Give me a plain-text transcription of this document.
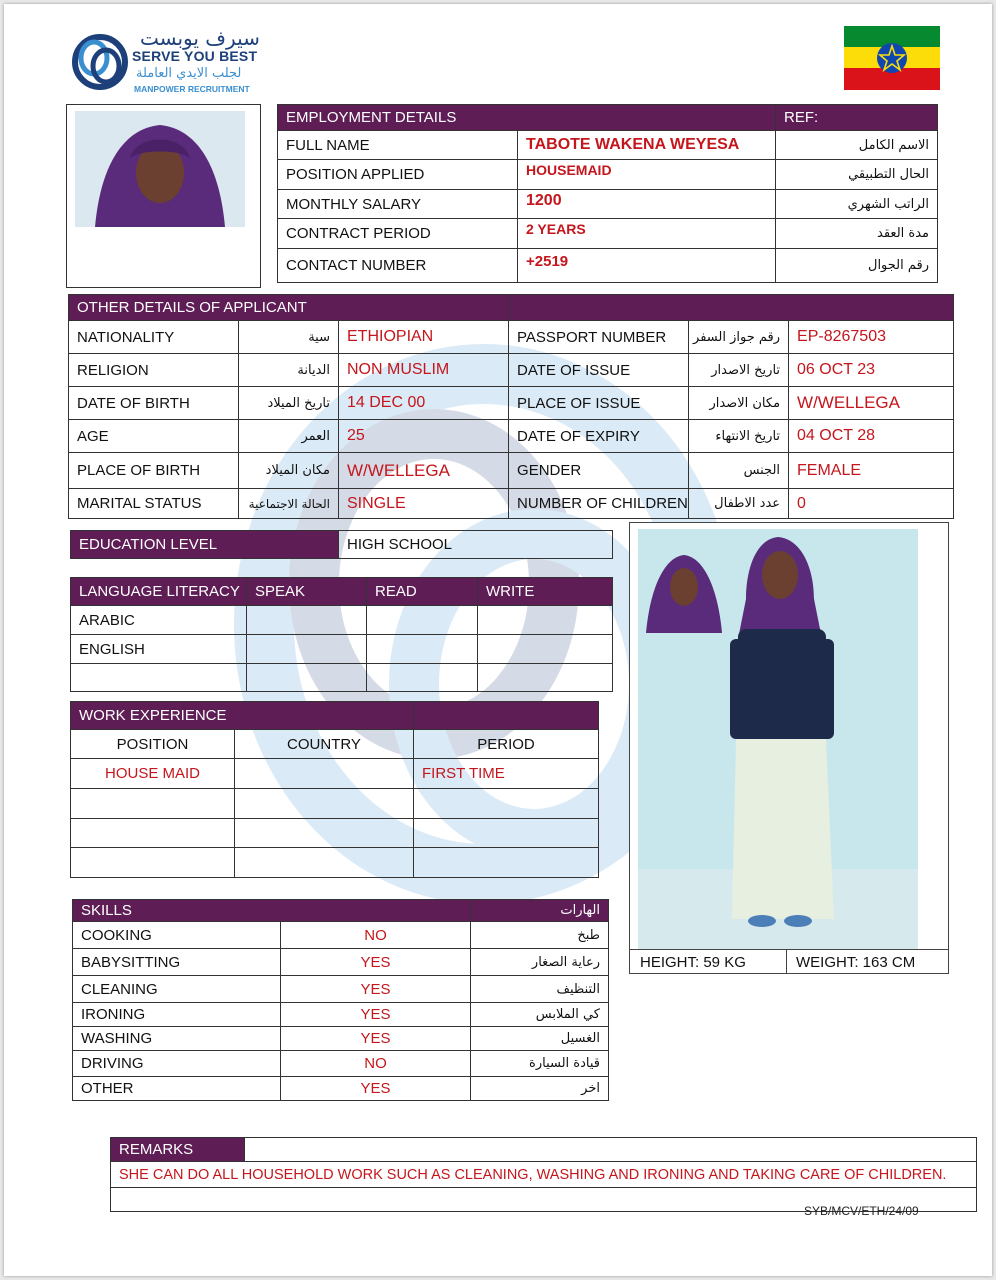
سيرف يوبست
SERVE YOU BEST
لجلب الايدي العاملة
MANPOWER RECRUITMENT
EMPLOYMENT DETAILS		REF:
FULL NAME	TABOTE WAKENA WEYESA	الاسم الكامل
POSITION APPLIED	HOUSEMAID	الحال التطبيقي
MONTHLY SALARY	1200	الراتب الشهري
CONTRACT PERIOD	2 YEARS	مدة العقد
CONTACT NUMBER	+2519	رقم الجوال
OTHER DETAILS OF APPLICANT					
NATIONALITY	سية	ETHIOPIAN	PASSPORT NUMBER	رقم جواز السفر	EP-8267503
RELIGION	الديانة	NON MUSLIM	DATE OF ISSUE	تاريخ الاصدار	06 OCT 23
DATE OF BIRTH	تاريخ الميلاد	14 DEC 00	PLACE OF ISSUE	مكان الاصدار	W/WELLEGA
AGE	العمر	25	DATE OF EXPIRY	تاريخ الانتهاء	04 OCT 28
PLACE OF BIRTH	مكان الميلاد	W/WELLEGA	GENDER	الجنس	FEMALE
MARITAL STATUS	الحالة الاجتماعية	SINGLE	NUMBER OF CHILDREN	عدد الاطفال	0
EDUCATION LEVEL	HIGH SCHOOL
LANGUAGE LITERACY	SPEAK	READ	WRITE
ARABIC			
ENGLISH			

WORK EXPERIENCE		
POSITION	COUNTRY	PERIOD
HOUSE MAID		FIRST TIME

SKILLS		الهارات
COOKING	NO	طبخ
BABYSITTING	YES	رعاية الصغار
CLEANING	YES	التنظيف
IRONING	YES	كي الملابس
WASHING	YES	الغسيل
DRIVING	NO	قيادة السيارة
OTHER	YES	اخر
HEIGHT: 59 KG	WEIGHT: 163 CM
REMARKS	
SHE CAN DO ALL HOUSEHOLD WORK SUCH AS CLEANING, WASHING AND IRONING AND TAKING CARE OF CHILDREN.

SYB/MCV/ETH/24/09
